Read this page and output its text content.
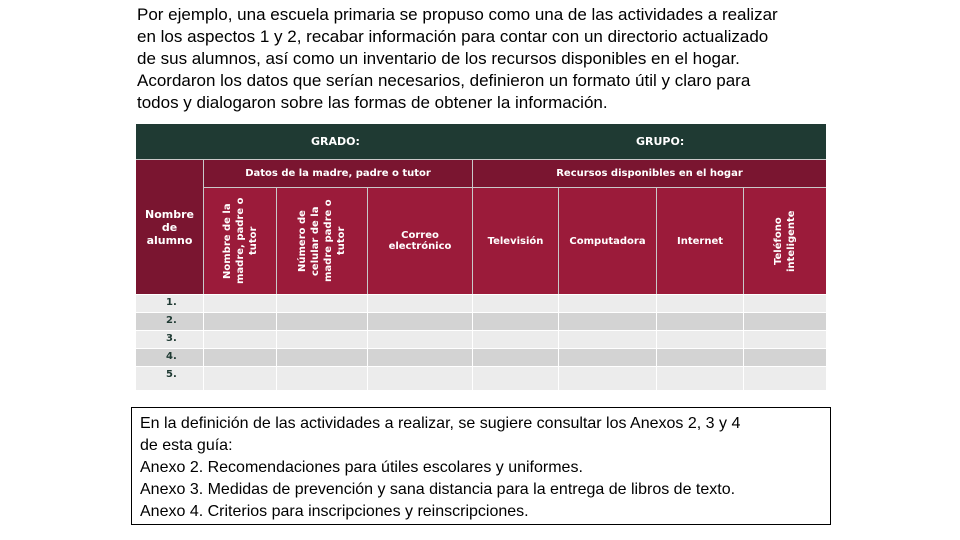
Por ejemplo, una escuela primaria se propuso como una de las actividades a realizar
en los aspectos 1 y 2, recabar información para contar con un directorio actualizado
de sus alumnos, así como un inventario de los recursos disponibles en el hogar.
Acordaron los datos que serían necesarios, definieron un formato útil y claro para
todos y dialogaron sobre las formas de obtener la información.
GRADO:	GRUPO:
Nombre de alumno
Datos de la madre, padre o tutor	Recursos disponibles en el hogar
Nombre de la madre, padre o tutor	Número de celular de la madre padre o tutor	Correo electrónico	Televisión	Computadora	Internet	Teléfono inteligente
1.
2.
3.
4.
5.
En la definición de las actividades a realizar, se sugiere consultar los Anexos 2, 3 y 4
de esta guía:
Anexo 2. Recomendaciones para útiles escolares y uniformes.
Anexo 3. Medidas de prevención y sana distancia para la entrega de libros de texto.
Anexo 4. Criterios para inscripciones y reinscripciones.
